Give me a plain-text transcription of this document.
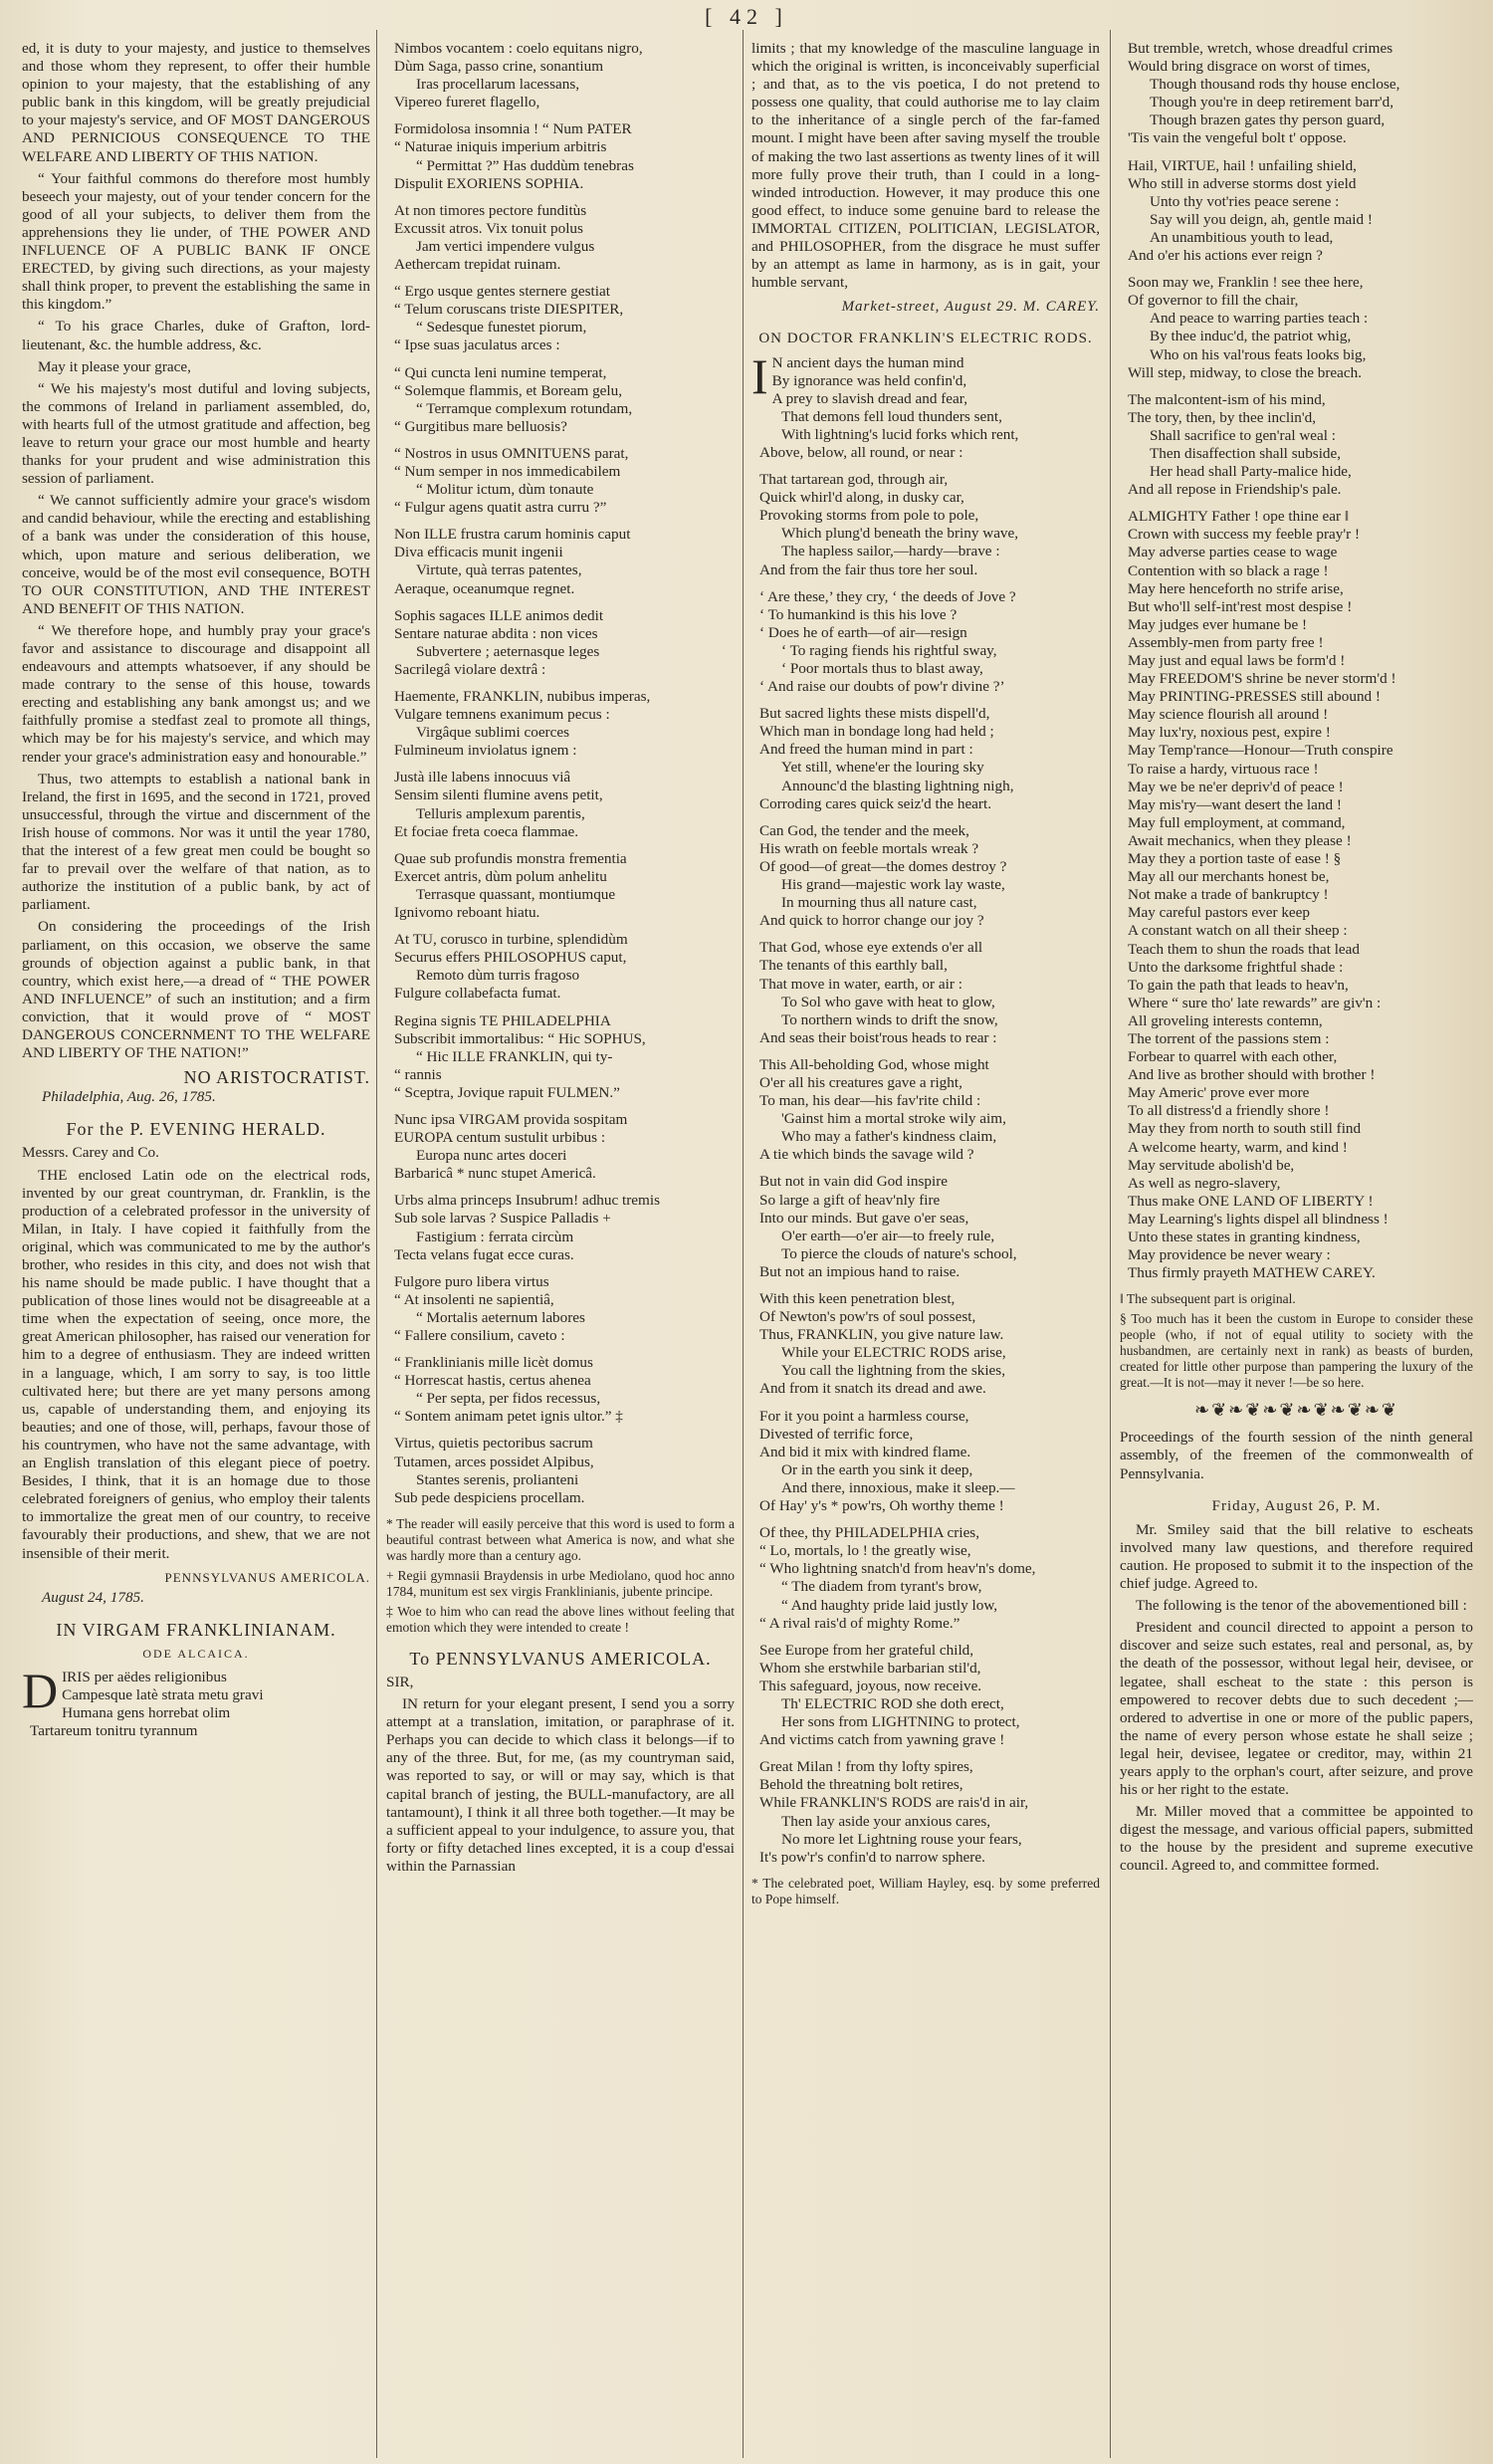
[ 42 ]

ed, it is duty to your majesty, and justice to themselves and those whom they represent, to offer their humble opinion to your majesty, that the establishing of any public bank in this kingdom, will be greatly prejudicial to your majesty's service, and OF MOST DANGEROUS AND PERNICIOUS CONSEQUENCE TO THE WELFARE AND LIBERTY OF THIS NATION.

“ Your faithful commons do therefore most humbly beseech your majesty, out of your tender concern for the good of all your subjects, to deliver them from the apprehensions they lie under, of THE POWER AND INFLUENCE OF A PUBLIC BANK IF ONCE ERECTED, by giving such directions, as your majesty shall think proper, to prevent the establishing the same in this kingdom.”

“ To his grace Charles, duke of Grafton, lord-lieutenant, &c. the humble address, &c.

May it please your grace,

“ We his majesty's most dutiful and loving subjects, the commons of Ireland in parliament assembled, do, with hearts full of the utmost gratitude and affection, beg leave to return your grace our most humble and hearty thanks for your prudent and wise administration this session of parliament.

“ We cannot sufficiently admire your grace's wisdom and candid behaviour, while the erecting and establishing of a bank was under the consideration of this house, which, upon mature and serious deliberation, we conceive, would be of the most evil consequence, BOTH TO OUR CONSTITUTION, AND THE INTEREST AND BENEFIT OF THIS NATION.

“ We therefore hope, and humbly pray your grace's favor and assistance to discourage and disappoint all endeavours and attempts whatsoever, if any should be made contrary to the sense of this house, towards erecting and establishing any bank amongst us; and we faithfully promise a stedfast zeal to promote all things, which may be for his majesty's service, and which may render your grace's administration easy and honourable.”

Thus, two attempts to establish a national bank in Ireland, the first in 1695, and the second in 1721, proved unsuccessful, through the virtue and discernment of the Irish house of commons. Nor was it until the year 1780, that the interest of a few great men could be bought so far to prevail over the welfare of that nation, as to authorize the institution of a public bank, by act of parliament.

On considering the proceedings of the Irish parliament, on this occasion, we observe the same grounds of objection against a public bank, in that country, which exist here,—a dread of “ THE POWER AND INFLUENCE” of such an institution; and a firm conviction, that it would prove of “ MOST DANGEROUS CONCERNMENT TO THE WELFARE AND LIBERTY OF THE NATION!”

NO ARISTOCRATIST.
Philadelphia, Aug. 26, 1785.
For the P. EVENING HERALD.

Messrs. Carey and Co.

THE enclosed Latin ode on the electrical rods, invented by our great countryman, dr. Franklin, is the production of a celebrated professor in the university of Milan, in Italy. I have copied it faithfully from the original, which was communicated to me by the author's brother, who resides in this city, and does not wish that his name should be made public. I have thought that a publication of those lines would not be disagreeable at a time when the expectation of seeing, once more, the great American philosopher, has raised our veneration for him to a degree of enthusiasm. They are indeed written in a language, which, I am sorry to say, is too little cultivated here; but there are yet many persons among us, capable of understanding them, and enjoying its beauties; and one of those, will, perhaps, favour those of his countrymen, who have not the same advantage, with an English translation of this elegant piece of poetry. Besides, I think, that it is an homage due to those celebrated foreigners of genius, who employ their talents to immortalize the great men of our country, to receive favourably their productions, and shew, that we are not insensible of their merit.

PENNSYLVANUS AMERICOLA.
August 24, 1785.
IN VIRGAM FRANKLINIANAM.
ODE ALCAICA.
D IRIS per aëdes religionibus
Campesque latè strata metu gravi
Humana gens horrebat olim
Tartareum tonitru tyrannum
Nimbos vocantem : coelo equitans nigro,
Dùm Saga, passo crine, sonantium
Iras procellarum lacessans,
Vipereo fureret flagello,
Formidolosa insomnia ! “ Num PATER
“ Naturae iniquis imperium arbitris
“ Permittat ?” Has duddùm tenebras
Dispulit EXORIENS SOPHIA.
At non timores pectore funditùs
Excussit atros. Vix tonuit polus
Jam vertici impendere vulgus
Aethercam trepidat ruinam.
“ Ergo usque gentes sternere gestiat
“ Telum coruscans triste DIESPITER,
“ Sedesque funestet piorum,
“ Ipse suas jaculatus arces :
“ Qui cuncta leni numine temperat,
“ Solemque flammis, et Boream gelu,
“ Terramque complexum rotundam,
“ Gurgitibus mare belluosis?
“ Nostros in usus OMNITUENS parat,
“ Num semper in nos immedicabilem
“ Molitur ictum, dùm tonaute
“ Fulgur agens quatit astra curru ?”
Non ILLE frustra carum hominis caput
Diva efficacis munit ingenii
Virtute, quà terras patentes,
Aeraque, oceanumque regnet.
Sophis sagaces ILLE animos dedit
Sentare naturae abdita : non vices
Subvertere ; aeternasque leges
Sacrilegâ violare dextrâ :
Haemente, FRANKLIN, nubibus imperas,
Vulgare temnens exanimum pecus :
Virgâque sublimi coerces
Fulmineum inviolatus ignem :
Justà ille labens innocuus viâ
Sensim silenti flumine avens petit,
Telluris amplexum parentis,
Et fociae freta coeca flammae.
Quae sub profundis monstra frementia
Exercet antris, dùm polum anhelitu
Terrasque quassant, montiumque
Ignivomo reboant hiatu.
At TU, corusco in turbine, splendidùm
Securus effers PHILOSOPHUS caput,
Remoto dùm turris fragoso
Fulgure collabefacta fumat.
Regina signis TE PHILADELPHIA
Subscribit immortalibus: “ Hic SOPHUS,
“ Hic ILLE FRANKLIN, qui ty-
“ rannis
“ Sceptra, Jovique rapuit FULMEN.”
Nunc ipsa VIRGAM provida sospitam
EUROPA centum sustulit urbibus :
Europa nunc artes doceri
Barbaricâ * nunc stupet Americâ.
Urbs alma princeps Insubrum! adhuc tremis
Sub sole larvas ? Suspice Palladis +
Fastigium : ferrata circùm
Tecta velans fugat ecce curas.
Fulgore puro libera virtus
“ At insolenti ne sapientiâ,
“ Mortalis aeternum labores
“ Fallere consilium, caveto :
“ Franklinianis mille licèt domus
“ Horrescat hastis, certus ahenea
“ Per septa, per fidos recessus,
“ Sontem animam petet ignis ultor.” ‡
Virtus, quietis pectoribus sacrum
Tutamen, arces possidet Alpibus,
Stantes serenis, prolianteni
Sub pede despiciens procellam.

* The reader will easily perceive that this word is used to form a beautiful contrast between what America is now, and what she was hardly more than a century ago.

+ Regii gymnasii Braydensis in urbe Mediolano, quod hoc anno 1784, munitum est sex virgis Franklinianis, jubente principe.

‡ Woe to him who can read the above lines without feeling that emotion which they were intended to create !

To PENNSYLVANUS AMERICOLA.

SIR,

IN return for your elegant present, I send you a sorry attempt at a translation, imitation, or paraphrase of it. Perhaps you can decide to which class it belongs—if to any of the three. But, for me, (as my countryman said, was reported to say, or will or may say, which is that capital branch of jesting, the BULL-manufactory, are all tantamount), I think it all three both together.—It may be a sufficient appeal to your indulgence, to assure you, that forty or fifty detached lines excepted, it is a coup d'essai within the Parnassian

limits ; that my knowledge of the masculine language in which the original is written, is inconceivably superficial ; and that, as to the vis poetica, I do not pretend to possess one quality, that could authorise me to lay claim to the inheritance of a single perch of the far-famed mount. I might have been after saving myself the trouble of making the two last assertions as twenty lines of it will more fully prove their truth, than I could in a long-winded introduction. However, it may produce this one good effect, to induce some genuine bard to release the IMMORTAL CITIZEN, POLITICIAN, LEGISLATOR, and PHILOSOPHER, from the disgrace he must suffer by an attempt as lame in harmony, as is in gait, your humble servant,

Market-street, August 29. M. CAREY.
ON DOCTOR FRANKLIN'S ELECTRIC RODS.
I N ancient days the human mind
By ignorance was held confin'd,
A prey to slavish dread and fear,
That demons fell loud thunders sent,
With lightning's lucid forks which rent,
Above, below, all round, or near :
That tartarean god, through air,
Quick whirl'd along, in dusky car,
Provoking storms from pole to pole,
Which plung'd beneath the briny wave,
The hapless sailor,—hardy—brave :
And from the fair thus tore her soul.
‘ Are these,’ they cry, ‘ the deeds of Jove ?
‘ To humankind is this his love ?
‘ Does he of earth—of air—resign
‘ To raging fiends his rightful sway,
‘ Poor mortals thus to blast away,
‘ And raise our doubts of pow'r divine ?’
But sacred lights these mists dispell'd,
Which man in bondage long had held ;
And freed the human mind in part :
Yet still, whene'er the louring sky
Announc'd the blasting lightning nigh,
Corroding cares quick seiz'd the heart.
Can God, the tender and the meek,
His wrath on feeble mortals wreak ?
Of good—of great—the domes destroy ?
His grand—majestic work lay waste,
In mourning thus all nature cast,
And quick to horror change our joy ?
That God, whose eye extends o'er all
The tenants of this earthly ball,
That move in water, earth, or air :
To Sol who gave with heat to glow,
To northern winds to drift the snow,
And seas their boist'rous heads to rear :
This All-beholding God, whose might
O'er all his creatures gave a right,
To man, his dear—his fav'rite child :
'Gainst him a mortal stroke wily aim,
Who may a father's kindness claim,
A tie which binds the savage wild ?
But not in vain did God inspire
So large a gift of heav'nly fire
Into our minds. But gave o'er seas,
O'er earth—o'er air—to freely rule,
To pierce the clouds of nature's school,
But not an impious hand to raise.
With this keen penetration blest,
Of Newton's pow'rs of soul possest,
Thus, FRANKLIN, you give nature law.
While your ELECTRIC RODS arise,
You call the lightning from the skies,
And from it snatch its dread and awe.
For it you point a harmless course,
Divested of terrific force,
And bid it mix with kindred flame.
Or in the earth you sink it deep,
And there, innoxious, make it sleep.—
Of Hay' y's * pow'rs, Oh worthy theme !
Of thee, thy PHILADELPHIA cries,
“ Lo, mortals, lo ! the greatly wise,
“ Who lightning snatch'd from heav'n's dome,
“ The diadem from tyrant's brow,
“ And haughty pride laid justly low,
“ A rival rais'd of mighty Rome.”
See Europe from her grateful child,
Whom she erstwhile barbarian stil'd,
This safeguard, joyous, now receive.
Th' ELECTRIC ROD she doth erect,
Her sons from LIGHTNING to protect,
And victims catch from yawning grave !
Great Milan ! from thy lofty spires,
Behold the threatning bolt retires,
While FRANKLIN'S RODS are rais'd in air,
Then lay aside your anxious cares,
No more let Lightning rouse your fears,
It's pow'r's confin'd to narrow sphere.

* The celebrated poet, William Hayley, esq. by some preferred to Pope himself.

But tremble, wretch, whose dreadful crimes
Would bring disgrace on worst of times,
Though thousand rods thy house enclose,
Though you're in deep retirement barr'd,
Though brazen gates thy person guard,
'Tis vain the vengeful bolt t' oppose.
Hail, VIRTUE, hail ! unfailing shield,
Who still in adverse storms dost yield
Unto thy vot'ries peace serene :
Say will you deign, ah, gentle maid !
An unambitious youth to lead,
And o'er his actions ever reign ?
Soon may we, Franklin ! see thee here,
Of governor to fill the chair,
And peace to warring parties teach :
By thee induc'd, the patriot whig,
Who on his val'rous feats looks big,
Will step, midway, to close the breach.
The malcontent-ism of his mind,
The tory, then, by thee inclin'd,
Shall sacrifice to gen'ral weal :
Then disaffection shall subside,
Her head shall Party-malice hide,
And all repose in Friendship's pale.
ALMIGHTY Father ! ope thine ear ‖
Crown with success my feeble pray'r !
May adverse parties cease to wage
Contention with so black a rage !
May here henceforth no strife arise,
But who'll self-int'rest most despise !
May judges ever humane be !
Assembly-men from party free !
May just and equal laws be form'd !
May FREEDOM'S shrine be never storm'd !
May PRINTING-PRESSES still abound !
May science flourish all around !
May lux'ry, noxious pest, expire !
May Temp'rance—Honour—Truth conspire
To raise a hardy, virtuous race !
May we be ne'er depriv'd of peace !
May mis'ry—want desert the land !
May full employment, at command,
Await mechanics, when they please !
May they a portion taste of ease ! §
May all our merchants honest be,
Not make a trade of bankruptcy !
May careful pastors ever keep
A constant watch on all their sheep :
Teach them to shun the roads that lead
Unto the darksome frightful shade :
To gain the path that leads to heav'n,
Where “ sure tho' late rewards” are giv'n :
All groveling interests contemn,
The torrent of the passions stem :
Forbear to quarrel with each other,
And live as brother should with brother !
May Americ' prove ever more
To all distress'd a friendly shore !
May they from north to south still find
A welcome hearty, warm, and kind !
May servitude abolish'd be,
As well as negro-slavery,
Thus make ONE LAND OF LIBERTY !
May Learning's lights dispel all blindness !
Unto these states in granting kindness,
May providence be never weary :
Thus firmly prayeth MATHEW CAREY.

‖ The subsequent part is original.

§ Too much has it been the custom in Europe to consider these people (who, if not of equal utility to society with the husbandmen, are certainly next in rank) as beasts of burden, created for little other purpose than pampering the luxury of the great.—It is not—may it never !—be so here.

❧❦❧❦❧❦❧❦❧❦❧❦

Proceedings of the fourth session of the ninth general assembly, of the freemen of the commonwealth of Pennsylvania.

Friday, August 26, P. M.

Mr. Smiley said that the bill relative to escheats involved many law questions, and therefore required caution. He proposed to submit it to the inspection of the chief judge. Agreed to.

The following is the tenor of the abovementioned bill :

President and council directed to appoint a person to discover and seize such estates, real and personal, as, by the death of the possessor, without legal heir, devisee, or legatee, shall escheat to the state : this person is empowered to recover debts due to such decedent ;—ordered to advertise in one or more of the public papers, the name of every person whose estate he shall seize ; legal heir, devisee, legatee or creditor, may, within 21 years apply to the orphan's court, after seizure, and prove his or her right to the estate.

Mr. Miller moved that a committee be appointed to digest the message, and various official papers, submitted to the house by the president and supreme executive council. Agreed to, and committee formed.
